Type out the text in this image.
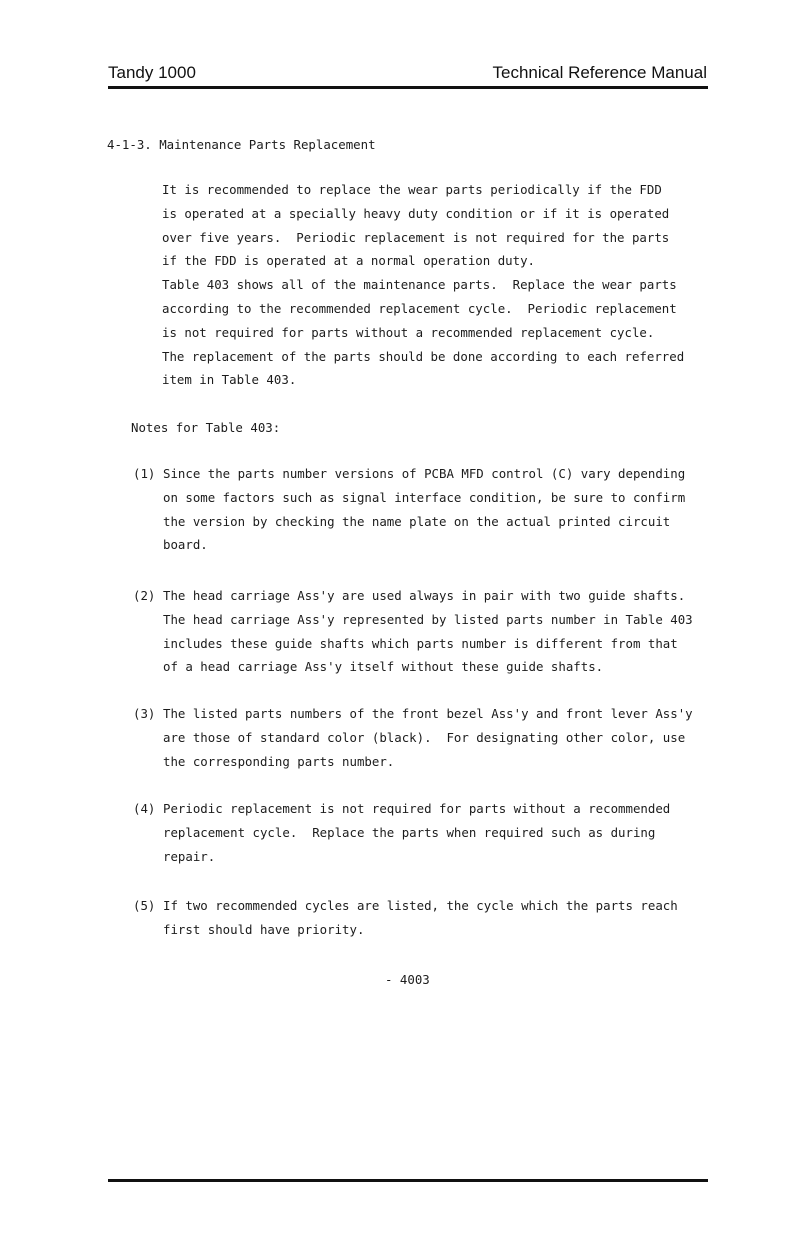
Tandy 1000	Technical Reference Manual
4-1-3. Maintenance Parts Replacement
It is recommended to replace the wear parts periodically if the FDD
is operated at a specially heavy duty condition or if it is operated
over five years.  Periodic replacement is not required for the parts
if the FDD is operated at a normal operation duty.
Table 403 shows all of the maintenance parts.  Replace the wear parts
according to the recommended replacement cycle.  Periodic replacement
is not required for parts without a recommended replacement cycle.
The replacement of the parts should be done according to each referred
item in Table 403.
Notes for Table 403:
(1) Since the parts number versions of PCBA MFD control (C) vary depending
on some factors such as signal interface condition, be sure to confirm
the version by checking the name plate on the actual printed circuit
board.
(2) The head carriage Ass'y are used always in pair with two guide shafts.
The head carriage Ass'y represented by listed parts number in Table 403
includes these guide shafts which parts number is different from that
of a head carriage Ass'y itself without these guide shafts.
(3) The listed parts numbers of the front bezel Ass'y and front lever Ass'y
are those of standard color (black).  For designating other color, use
the corresponding parts number.
(4) Periodic replacement is not required for parts without a recommended
replacement cycle.  Replace the parts when required such as during
repair.
(5) If two recommended cycles are listed, the cycle which the parts reach
first should have priority.
- 4003
